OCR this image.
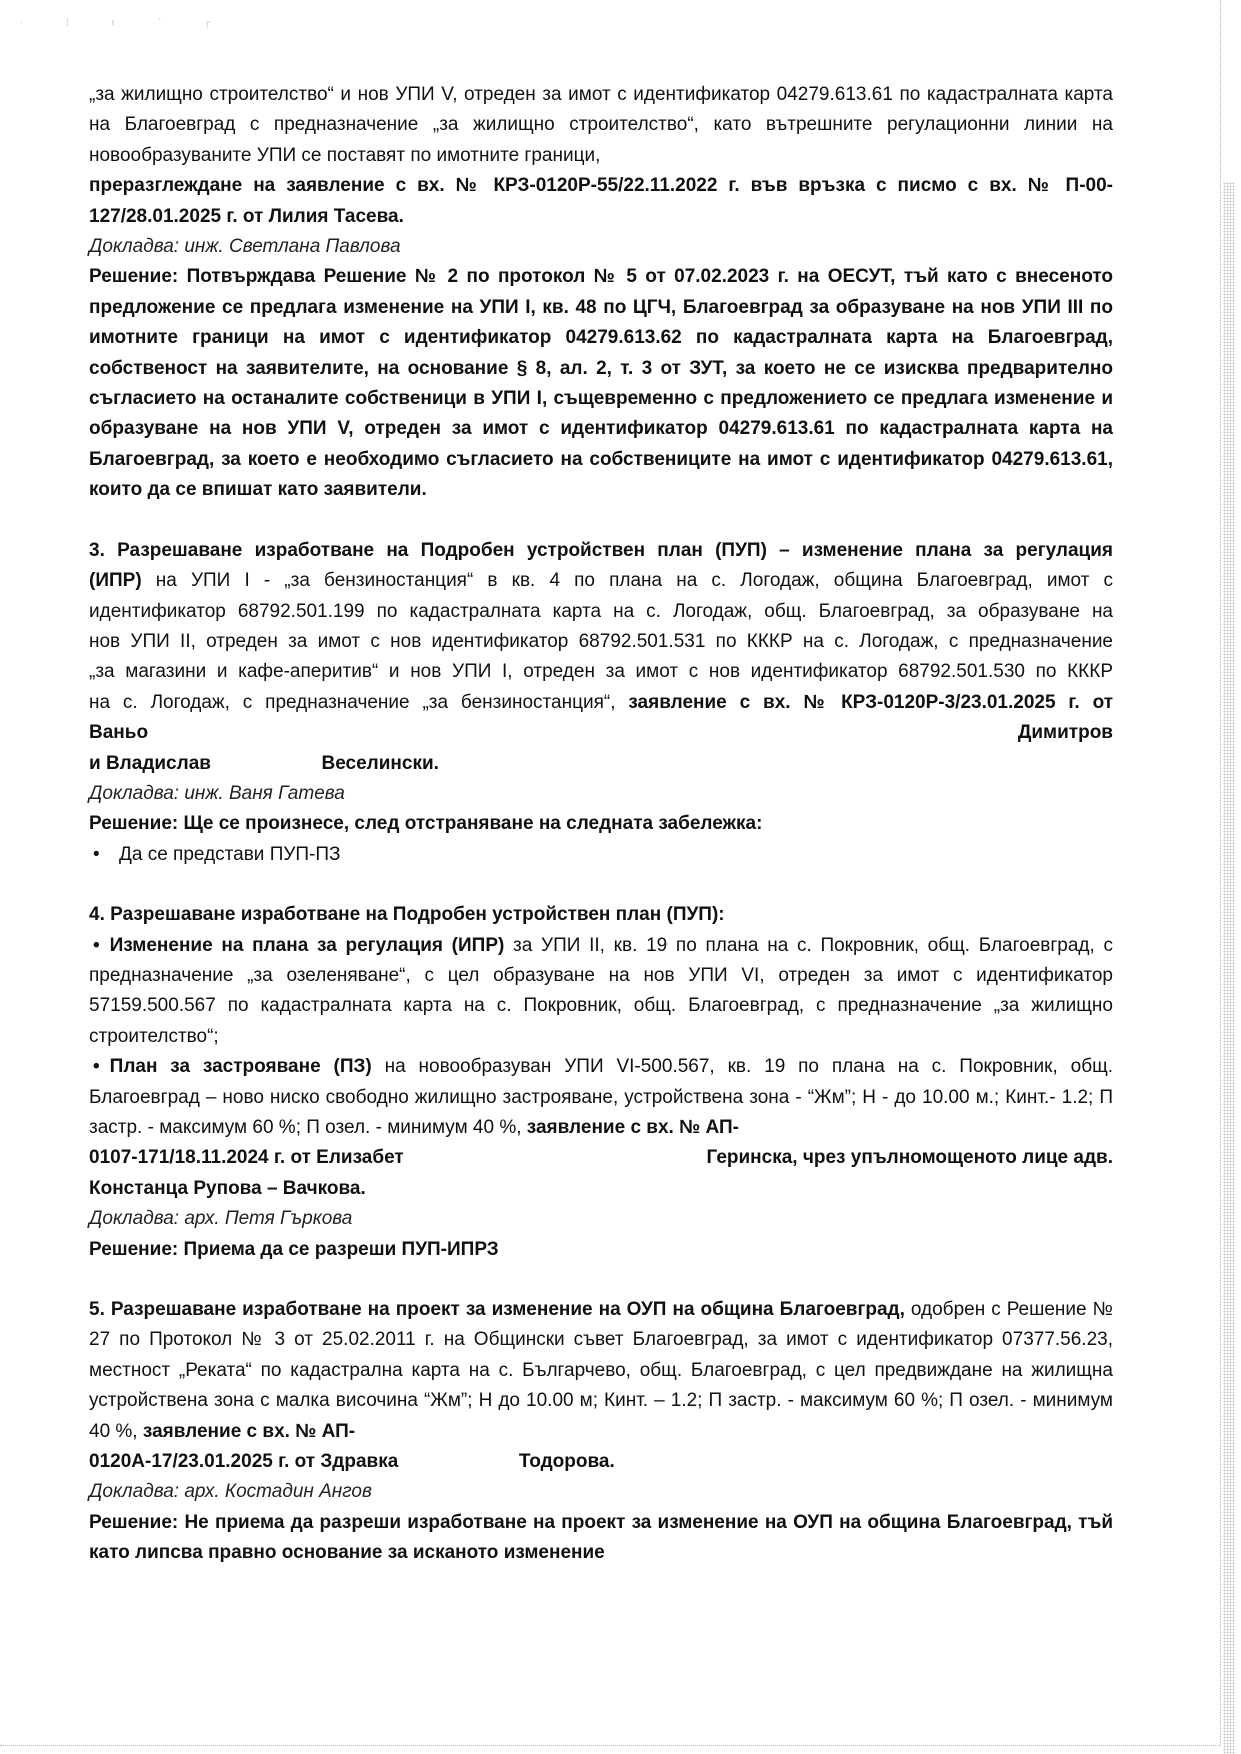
· ¦ ı ˊ ┌

„за жилищно строителство“ и нов УПИ V, отреден за имот с идентификатор 04279.613.61 по кадастралната карта на Благоевград с предназначение „за жилищно строителство“, като вътрешните регулационни линии на новообразуваните УПИ се поставят по имотните граници,

преразглеждане на заявление с вх. № КРЗ-0120Р-55/22.11.2022 г. във връзка с писмо с вх. № П-00-127/28.01.2025 г. от Лилия Тасева.

Докладва: инж. Светлана Павлова

Решение: Потвърждава Решение № 2 по протокол № 5 от 07.02.2023 г. на ОЕСУТ, тъй като с внесеното предложение се предлага изменение на УПИ I, кв. 48 по ЦГЧ, Благоевград за образуване на нов УПИ III по имотните граници на имот с идентификатор 04279.613.62 по кадастралната карта на Благоевград, собственост на заявителите, на основание § 8, ал. 2, т. 3 от ЗУТ, за което не се изисква предварително съгласието на останалите собственици в УПИ I, същевременно с предложението се предлага изменение и образуване на нов УПИ V, отреден за имот с идентификатор 04279.613.61 по кадастралната карта на Благоевград, за което е необходимо съгласието на собствениците на имот с идентификатор 04279.613.61, които да се впишат като заявители.

3. Разрешаване изработване на Подробен устройствен план (ПУП) – изменение плана за регулация (ИПР) на УПИ I - „за бензиностанция“ в кв. 4 по плана на с. Логодаж, община Благоевград, имот с идентификатор 68792.501.199 по кадастралната карта на с. Логодаж, общ. Благоевград, за образуване на нов УПИ II, отреден за имот с нов идентификатор 68792.501.531 по КККР на с. Логодаж, с предназначение „за магазини и кафе-аперитив“ и нов УПИ I, отреден за имот с нов идентификатор 68792.501.530 по КККР на с. Логодаж, с предназначение „за бензиностанция“, заявление с вх. № КРЗ-0120Р-3/23.01.2025 г. от Ваньо	Димитров

и Владислав	Веселински.

Докладва: инж. Ваня Гатева

Решение: Ще се произнесе, след отстраняване на следната забележка:

•	Да се представи ПУП-ПЗ

4. Разрешаване изработване на Подробен устройствен план (ПУП):

• Изменение на плана за регулация (ИПР) за УПИ II, кв. 19 по плана на с. Покровник, общ. Благоевград, с предназначение „за озеленяване“, с цел образуване на нов УПИ VI, отреден за имот с идентификатор 57159.500.567 по кадастралната карта на с. Покровник, общ. Благоевград, с предназначение „за жилищно строителство“;

• План за застрояване (ПЗ) на новообразуван УПИ VI-500.567, кв. 19 по плана на с. Покровник, общ. Благоевград – ново ниско свободно жилищно застрояване, устройствена зона - “Жм”; Н - до 10.00 м.; Кинт.- 1.2; П застр. - максимум 60 %; П озел. - минимум 40 %, заявление с вх. № АП-

0107-171/18.11.2024 г. от Елизабет	Геринска, чрез упълномощеното лице адв.

Констанца Рупова – Вачкова.

Докладва: арх. Петя Гъркова

Решение: Приема да се разреши ПУП-ИПРЗ

5. Разрешаване изработване на проект за изменение на ОУП на община Благоевград, одобрен с Решение № 27 по Протокол № 3 от 25.02.2011 г. на Общински съвет Благоевград, за имот с идентификатор 07377.56.23, местност „Реката“ по кадастрална карта на с. Българчево, общ. Благоевград, с цел предвиждане на жилищна устройствена зона с малка височина “Жм”; Н до 10.00 м; Кинт. – 1.2; П застр. - максимум 60 %; П озел. - минимум 40 %, заявление с вх. № АП-

0120А-17/23.01.2025 г. от Здравка	Тодорова.

Докладва: арх. Костадин Ангов

Решение: Не приема да разреши изработване на проект за изменение на ОУП на община Благоевград, тъй като липсва правно основание за исканото изменение
